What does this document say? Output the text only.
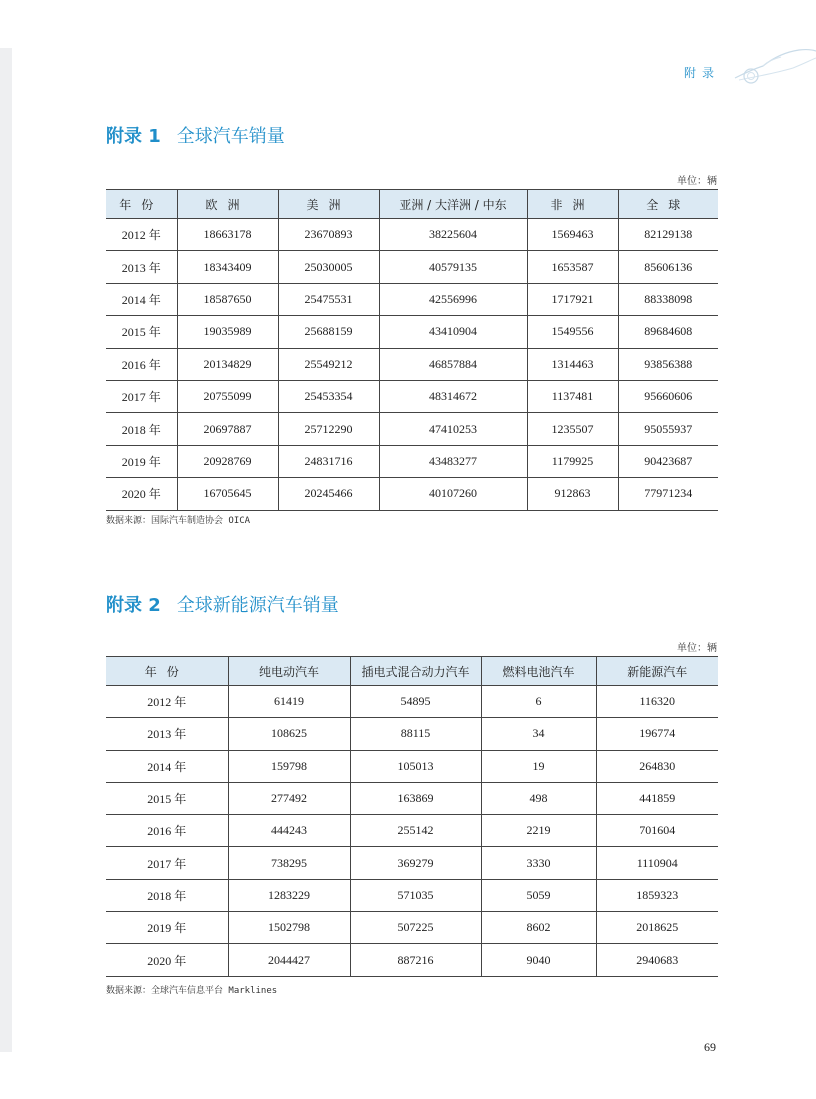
附录
附录 1 全球汽车销量
单位：辆
年份	欧洲	美洲	亚洲 / 大洋洲 / 中东	非洲	全球
2012 年	18663178	23670893	38225604	1569463	82129138
2013 年	18343409	25030005	40579135	1653587	85606136
2014 年	18587650	25475531	42556996	1717921	88338098
2015 年	19035989	25688159	43410904	1549556	89684608
2016 年	20134829	25549212	46857884	1314463	93856388
2017 年	20755099	25453354	48314672	1137481	95660606
2018 年	20697887	25712290	47410253	1235507	95055937
2019 年	20928769	24831716	43483277	1179925	90423687
2020 年	16705645	20245466	40107260	912863	77971234
数据来源：国际汽车制造协会 OICA
附录 2 全球新能源汽车销量
单位：辆
年份	纯电动汽车	插电式混合动力汽车	燃料电池汽车	新能源汽车
2012 年	61419	54895	6	116320
2013 年	108625	88115	34	196774
2014 年	159798	105013	19	264830
2015 年	277492	163869	498	441859
2016 年	444243	255142	2219	701604
2017 年	738295	369279	3330	1110904
2018 年	1283229	571035	5059	1859323
2019 年	1502798	507225	8602	2018625
2020 年	2044427	887216	9040	2940683
数据来源：全球汽车信息平台 Marklines
69
